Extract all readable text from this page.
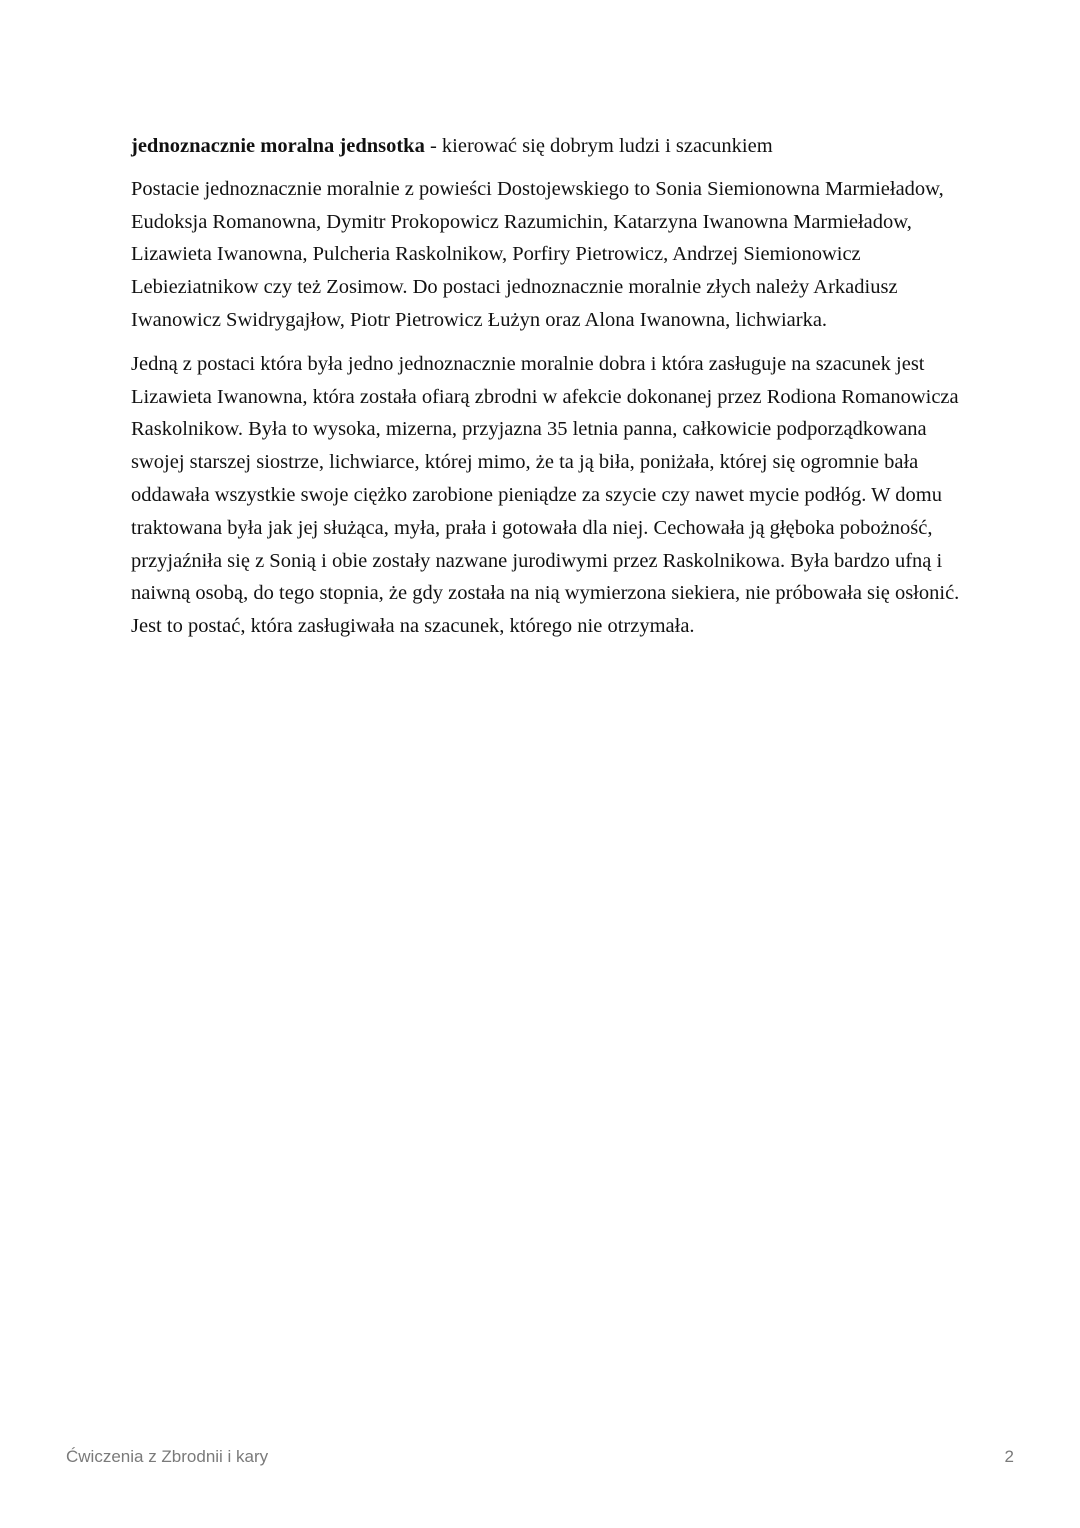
jednoznacznie moralna jednsotka - kierować się dobrym ludzi i szacunkiem

Postacie jednoznacznie moralnie z powieści Dostojewskiego to Sonia Siemionowna Marmieładow, Eudoksja Romanowna, Dymitr Prokopowicz Razumichin, Katarzyna Iwanowna Marmieładow, Lizawieta Iwanowna, Pulcheria Raskolnikow, Porfiry Pietrowicz, Andrzej Siemionowicz Lebieziatnikow czy też Zosimow. Do postaci jednoznacznie moralnie złych należy Arkadiusz Iwanowicz Swidrygajłow, Piotr Pietrowicz Łużyn oraz Alona Iwanowna, lichwiarka.

Jedną z postaci która była jedno jednoznacznie moralnie dobra i która zasługuje na szacunek jest Lizawieta Iwanowna, która została ofiarą zbrodni w afekcie dokonanej przez Rodiona Romanowicza Raskolnikow. Była to wysoka, mizerna, przyjazna 35 letnia panna, całkowicie podporządkowana swojej starszej siostrze, lichwiarce, której mimo, że ta ją biła, poniżała, której się ogromnie bała oddawała wszystkie swoje ciężko zarobione pieniądze za szycie czy nawet mycie podłóg. W domu traktowana była jak jej służąca, myła, prała i gotowała dla niej. Cechowała ją głęboka pobożność, przyjaźniła się z Sonią i obie zostały nazwane jurodiwymi przez Raskolnikowa. Była bardzo ufną i naiwną osobą, do tego stopnia, że gdy została na nią wymierzona siekiera, nie próbowała się osłonić. Jest to postać, która zasługiwała na szacunek, którego nie otrzymała.

Ćwiczenia z Zbrodnii i kary	2
